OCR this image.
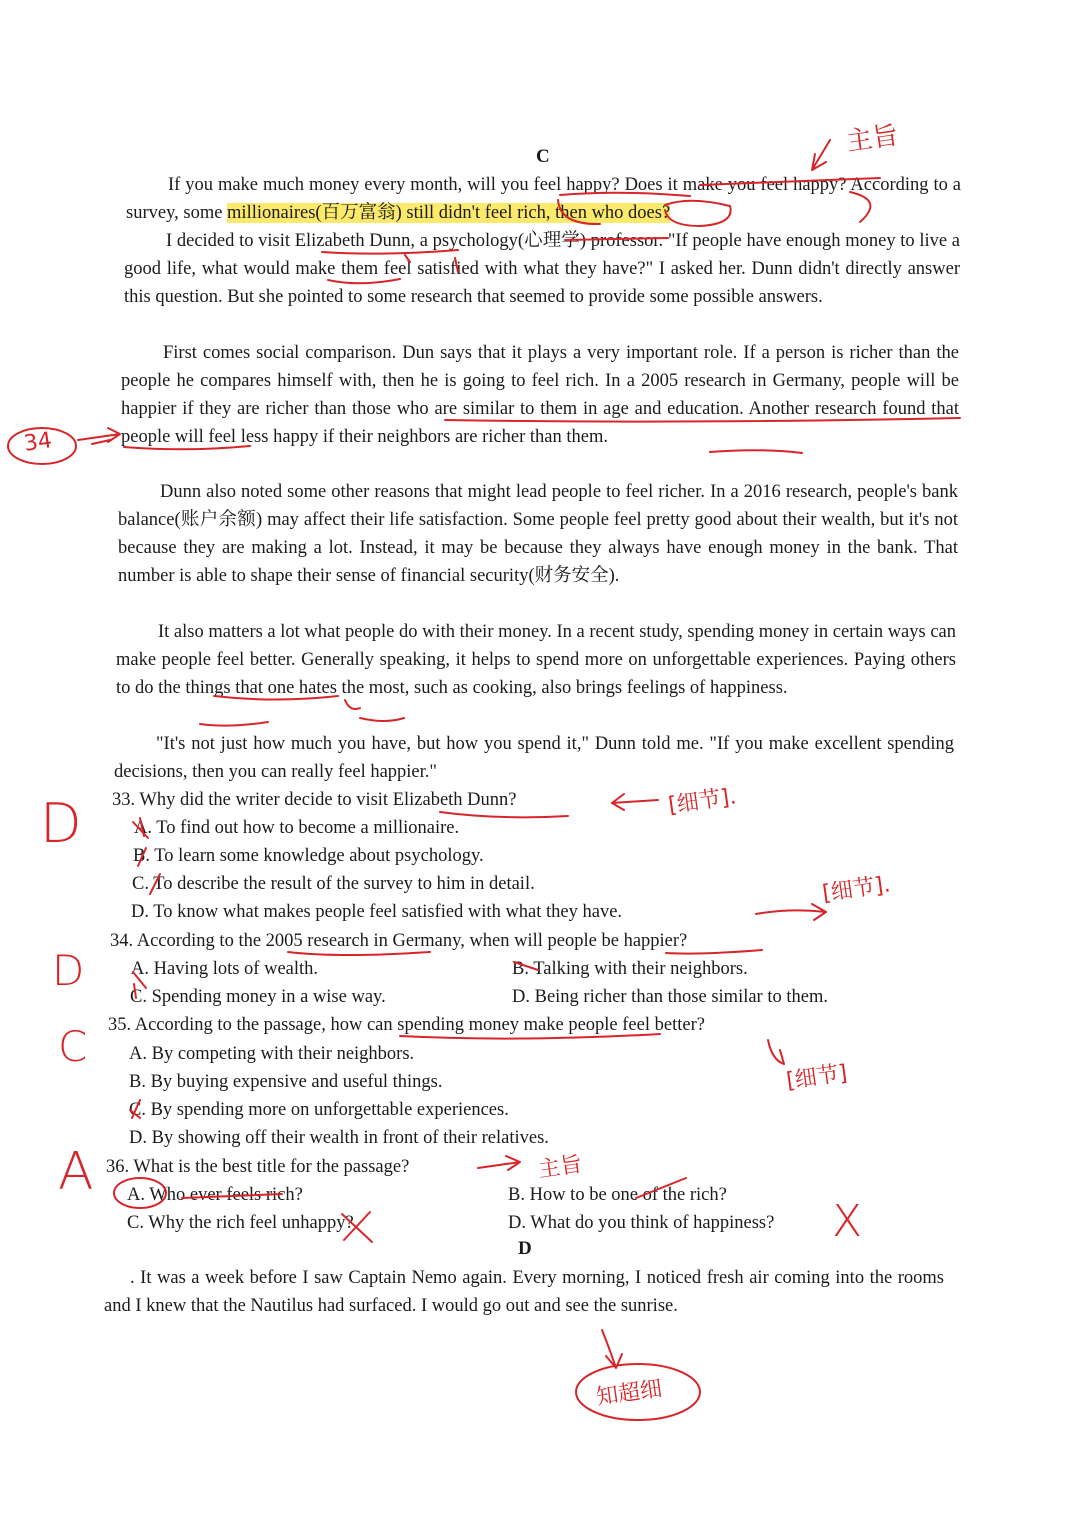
C
If you make much money every month, will you feel happy? Does it make you feel happy? According to a survey, some millionaires(百万富翁) still didn't feel rich, then who does?
I decided to visit Elizabeth Dunn, a psychology(心理学) professor. "If people have enough money to live a good life, what would make them feel satisfied with what they have?" I asked her. Dunn didn't directly answer this question. But she pointed to some research that seemed to provide some possible answers.
First comes social comparison. Dun says that it plays a very important role. If a person is richer than the people he compares himself with, then he is going to feel rich. In a 2005 research in Germany, people will be happier if they are richer than those who are similar to them in age and education. Another research found that people will feel less happy if their neighbors are richer than them.
Dunn also noted some other reasons that might lead people to feel richer. In a 2016 research, people's bank balance(账户余额) may affect their life satisfaction. Some people feel pretty good about their wealth, but it's not because they are making a lot. Instead, it may be because they always have enough money in the bank. That number is able to shape their sense of financial security(财务安全).
It also matters a lot what people do with their money. In a recent study, spending money in certain ways can make people feel better. Generally speaking, it helps to spend more on unforgettable experiences. Paying others to do the things that one hates the most, such as cooking, also brings feelings of happiness.
"It's not just how much you have, but how you spend it," Dunn told me. "If you make excellent spending decisions, then you can really feel happier."
33. Why did the writer decide to visit Elizabeth Dunn?
A. To find out how to become a millionaire.
B. To learn some knowledge about psychology.
C. To describe the result of the survey to him in detail.
D. To know what makes people feel satisfied with what they have.
34. According to the 2005 research in Germany, when will people be happier?
A. Having lots of wealth.	B. Talking with their neighbors.
C. Spending money in a wise way.	D. Being richer than those similar to them.
35. According to the passage, how can spending money make people feel better?
A. By competing with their neighbors.
B. By buying expensive and useful things.
C. By spending more on unforgettable experiences.
D. By showing off their wealth in front of their relatives.
36. What is the best title for the passage?
A. Who ever feels rich?	B. How to be one of the rich?
C. Why the rich feel unhappy?	D. What do you think of happiness?
D
. It was a week before I saw Captain Nemo again. Every morning, I noticed fresh air coming into the rooms and I knew that the Nautilus had surfaced. I would go out and see the sunrise.
主旨
34
[细节].
[细节].
[细节]
主旨
知超细
D
D
C
A
X
